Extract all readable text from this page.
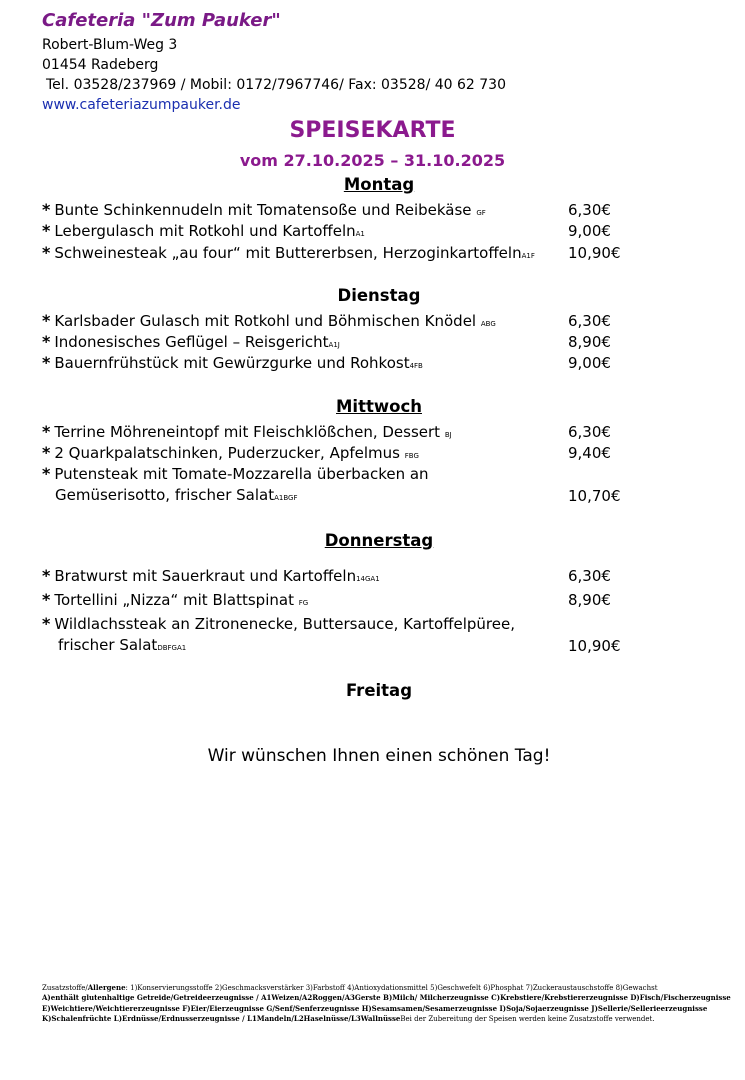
Cafeteria "Zum Pauker"

Robert-Blum-Weg 3

01454 Radeberg

Tel. 03528/237969 / Mobil: 0172/7967746/ Fax: 03528/ 40 62 730

www.cafeteriazumpauker.de

SPEISEKARTE
vom 27.10.2025 – 31.10.2025
Montag
* Bunte Schinkennudeln mit Tomatensoße und Reibekäse GF	6,30€
* Lebergulasch mit Rotkohl und KartoffelnA1	9,00€
* Schweinesteak „au four“ mit Buttererbsen, HerzoginkartoffelnA1F 10,90€
Dienstag
* Karlsbader Gulasch mit Rotkohl und Böhmischen Knödel ABG	6,30€
* Indonesisches Geflügel – ReisgerichtA1J	8,90€
* Bauernfrühstück mit Gewürzgurke und Rohkost4FB	9,00€
Mittwoch
* Terrine Möhreneintopf mit Fleischklößchen, Dessert BJ	6,30€
* 2 Quarkpalatschinken, Puderzucker, Apfelmus FBG	9,40€
* Putensteak mit Tomate-Mozzarella überbacken an
Gemüserisotto, frischer SalatA1BGF	10,70€
Donnerstag
* Bratwurst mit Sauerkraut und Kartoffeln14GA1	6,30€
* Tortellini „Nizza“ mit Blattspinat FG	8,90€
* Wildlachssteak an Zitronenecke, Buttersauce, Kartoffelpüree,
frischer SalatDBFGA1	10,90€
Freitag
Wir wünschen Ihnen einen schönen Tag!
Zusatzstoffe/Allergene: 1)Konservierungsstoffe 2)Geschmacksverstärker 3)Farbstoff 4)Antioxydationsmittel 5)Geschwefelt 6)Phosphat 7)Zuckeraustauschstoffe 8)Gewachst
A)enthält glutenhaltige Getreide/Getreideerzeugnisse / A1Weizen/A2Roggen/A3Gerste B)Milch/ Milcherzeugnisse C)Krebstiere/Krebstiererzeugnisse D)Fisch/Fischerzeugnisse
E)Weichtiere/Weichtiererzeugnisse F)Eier/Eierzeugnisse G/Senf/Senferzeugnisse H)Sesamsamen/Sesamerzeugnisse I)Soja/Sojaerzeugnisse J)Sellerie/Sellerieerzeugnisse
K)Schalenfrüchte L)Erdnüsse/Erdnusserzeugnisse / L1Mandeln/L2Haselnüsse/L3WallnüsseBei der Zubereitung der Speisen werden keine Zusatzstoffe verwendet.
